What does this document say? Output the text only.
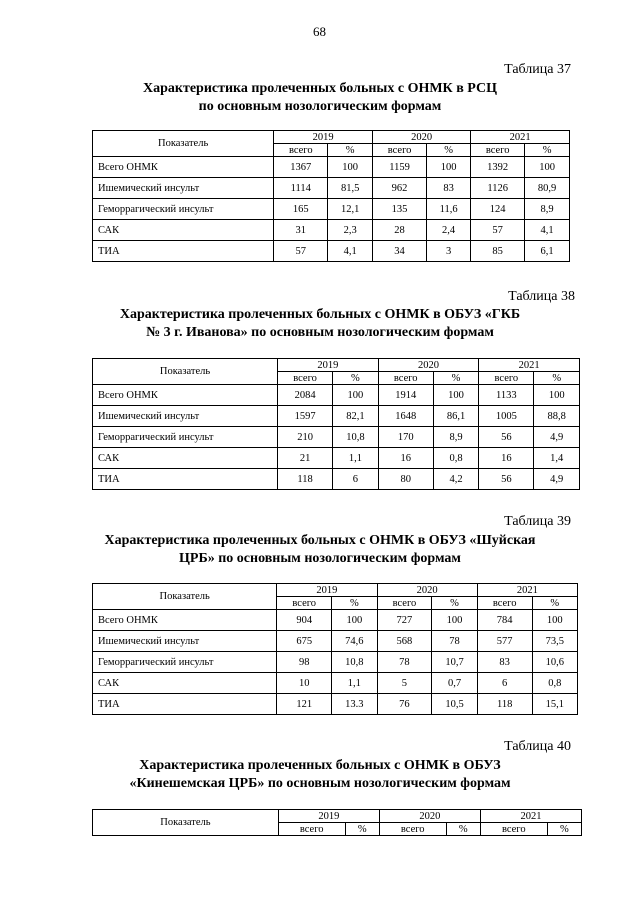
68
Таблица 37
Характеристика пролеченных больных с ОНМК в РСЦ
по основным нозологическим формам
Показатель	2019		2020		2021	
	всего	%	всего	%	всего	%
Всего ОНМК	1367	100	1159	100	1392	100
Ишемический инсульт	1114	81,5	962	83	1126	80,9
Геморрагический инсульт	165	12,1	135	11,6	124	8,9
САК	31	2,3	28	2,4	57	4,1
ТИА	57	4,1	34	3	85	6,1
Таблица 38
Характеристика пролеченных больных с ОНМК в ОБУЗ «ГКБ
№ 3 г. Иванова» по основным нозологическим формам
Показатель	2019		2020		2021	
	всего	%	всего	%	всего	%
Всего ОНМК	2084	100	1914	100	1133	100
Ишемический инсульт	1597	82,1	1648	86,1	1005	88,8
Геморрагический инсульт	210	10,8	170	8,9	56	4,9
САК	21	1,1	16	0,8	16	1,4
ТИА	118	6	80	4,2	56	4,9
Таблица 39
Характеристика пролеченных больных с ОНМК в ОБУЗ «Шуйская
ЦРБ» по основным нозологическим формам
Показатель	2019		2020		2021	
	всего	%	всего	%	всего	%
Всего ОНМК	904	100	727	100	784	100
Ишемический инсульт	675	74,6	568	78	577	73,5
Геморрагический инсульт	98	10,8	78	10,7	83	10,6
САК	10	1,1	5	0,7	6	0,8
ТИА	121	13.3	76	10,5	118	15,1
Таблица 40
Характеристика пролеченных больных с ОНМК в ОБУЗ
«Кинешемская ЦРБ» по основным нозологическим формам
Показатель	2019		2020		2021	
	всего	%	всего	%	всего	%
